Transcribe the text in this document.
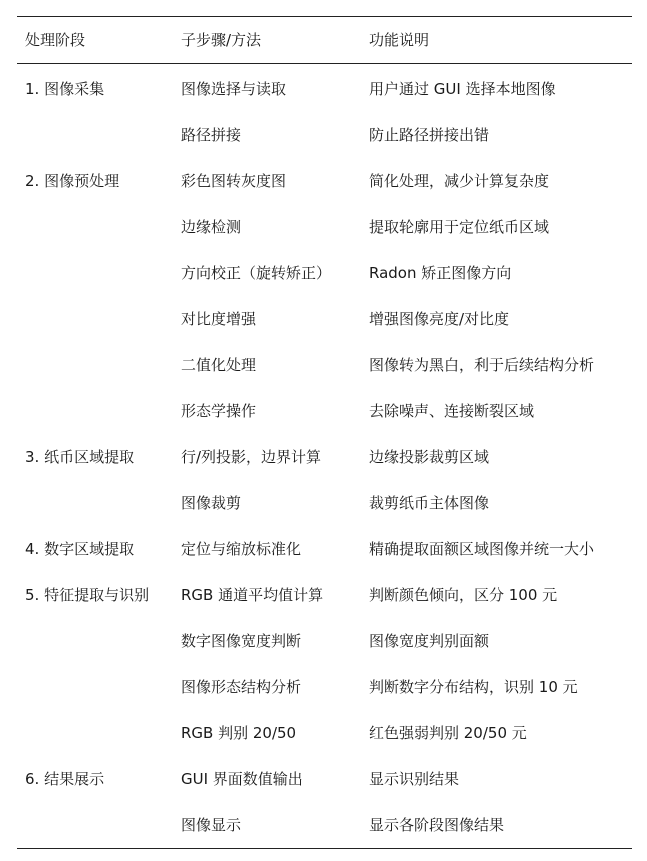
处理阶段	子步骤/方法	功能说明
1. 图像采集	图像选择与读取	用户通过 GUI 选择本地图像
	路径拼接	防止路径拼接出错
2. 图像预处理	彩色图转灰度图	简化处理，减少计算复杂度
	边缘检测	提取轮廓用于定位纸币区域
	方向校正（旋转矫正）	Radon 矫正图像方向
	对比度增强	增强图像亮度/对比度
	二值化处理	图像转为黑白，利于后续结构分析
	形态学操作	去除噪声、连接断裂区域
3. 纸币区域提取	行/列投影，边界计算	边缘投影裁剪区域
	图像裁剪	裁剪纸币主体图像
4. 数字区域提取	定位与缩放标准化	精确提取面额区域图像并统一大小
5. 特征提取与识别	RGB 通道平均值计算	判断颜色倾向，区分 100 元
	数字图像宽度判断	图像宽度判别面额
	图像形态结构分析	判断数字分布结构，识别 10 元
	RGB 判别 20/50	红色强弱判别 20/50 元
6. 结果展示	GUI 界面数值输出	显示识别结果
	图像显示	显示各阶段图像结果
